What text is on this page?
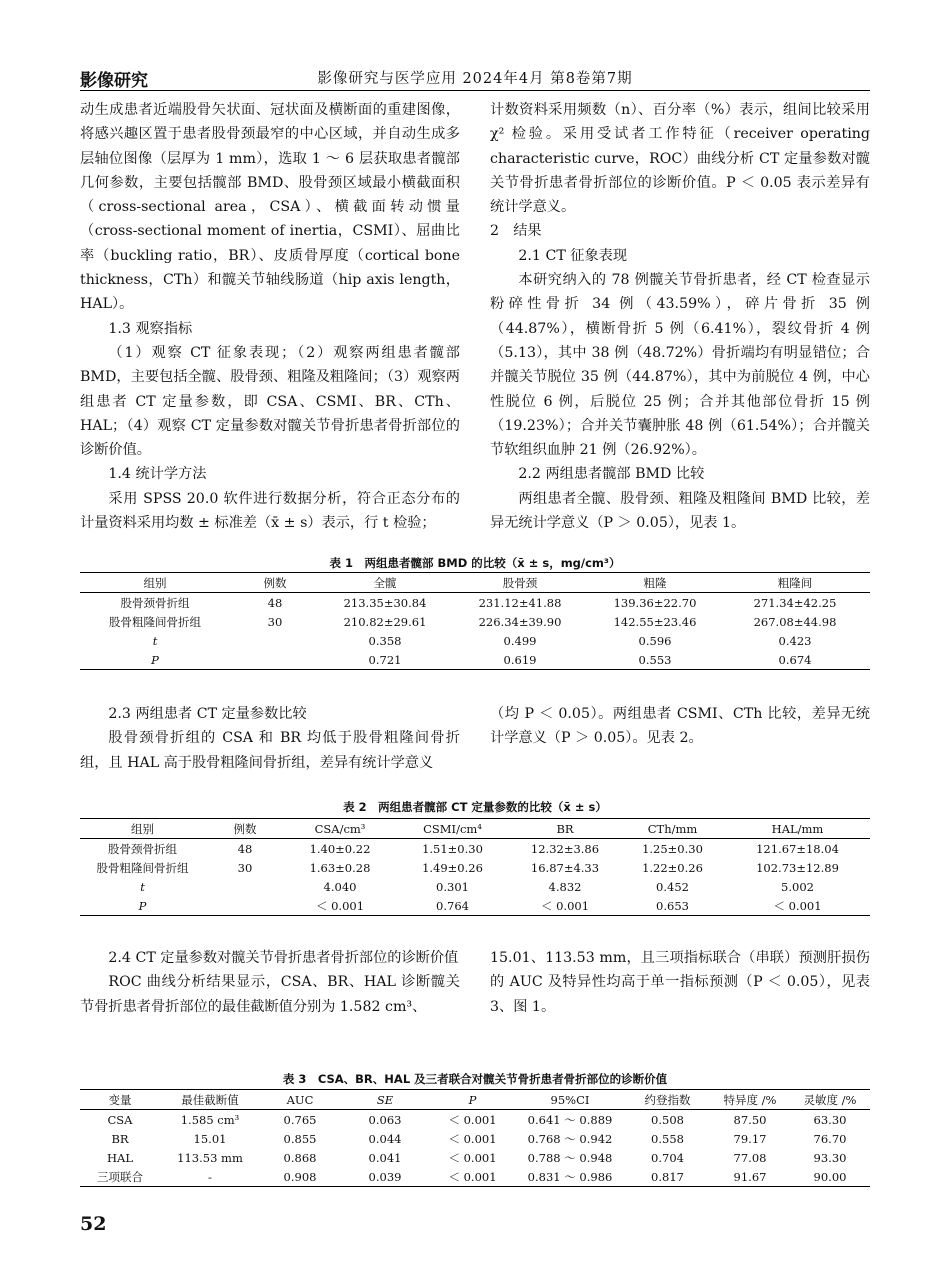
影像研究	影像研究与医学应用 2024年4月 第8卷第7期

动生成患者近端股骨矢状面、冠状面及横断面的重建图像，将感兴趣区置于患者股骨颈最窄的中心区域，并自动生成多层轴位图像（层厚为 1 mm），选取 1 ～ 6 层获取患者髋部几何参数，主要包括髋部 BMD、股骨颈区域最小横截面积（cross-sectional area，CSA）、横截面转动惯量（cross-sectional moment of inertia，CSMI）、屈曲比率（buckling ratio，BR）、皮质骨厚度（cortical bone thickness，CTh）和髋关节轴线肠道（hip axis length，HAL）。

1.3 观察指标

（1）观察 CT 征象表现；（2）观察两组患者髋部 BMD，主要包括全髋、股骨颈、粗隆及粗隆间；（3）观察两组患者 CT 定量参数，即 CSA、CSMI、BR、CTh、HAL；（4）观察 CT 定量参数对髋关节骨折患者骨折部位的诊断价值。

1.4 统计学方法

采用 SPSS 20.0 软件进行数据分析，符合正态分布的计量资料采用均数 ± 标准差（x̄ ± s）表示，行 t 检验；

计数资料采用频数（n）、百分率（%）表示，组间比较采用 χ² 检验。采用受试者工作特征（receiver operating characteristic curve，ROC）曲线分析 CT 定量参数对髋关节骨折患者骨折部位的诊断价值。P ＜ 0.05 表示差异有统计学意义。

2　结果

2.1 CT 征象表现

本研究纳入的 78 例髋关节骨折患者，经 CT 检查显示粉碎性骨折 34 例（43.59%），碎片骨折 35 例（44.87%），横断骨折 5 例（6.41%），裂纹骨折 4 例（5.13），其中 38 例（48.72%）骨折端均有明显错位；合并髋关节脱位 35 例（44.87%），其中为前脱位 4 例，中心性脱位 6 例，后脱位 25 例；合并其他部位骨折 15 例（19.23%）；合并关节囊肿胀 48 例（61.54%）；合并髋关节软组织血肿 21 例（26.92%）。

2.2 两组患者髋部 BMD 比较

两组患者全髋、股骨颈、粗隆及粗隆间 BMD 比较，差异无统计学意义（P ＞ 0.05），见表 1。

表 1　两组患者髋部 BMD 的比较（x̄ ± s，mg/cm³）
组别	例数	全髋	股骨颈	粗隆	粗隆间
股骨颈骨折组	48	213.35±30.84	231.12±41.88	139.36±22.70	271.34±42.25
股骨粗隆间骨折组	30	210.82±29.61	226.34±39.90	142.55±23.46	267.08±44.98
t		0.358	0.499	0.596	0.423
P		0.721	0.619	0.553	0.674

2.3 两组患者 CT 定量参数比较

股骨颈骨折组的 CSA 和 BR 均低于股骨粗隆间骨折组，且 HAL 高于股骨粗隆间骨折组，差异有统计学意义

（均 P ＜ 0.05）。两组患者 CSMI、CTh 比较，差异无统计学意义（P ＞ 0.05）。见表 2。

表 2　两组患者髋部 CT 定量参数的比较（x̄ ± s）
组别	例数	CSA/cm³	CSMI/cm⁴	BR	CTh/mm	HAL/mm
股骨颈骨折组	48	1.40±0.22	1.51±0.30	12.32±3.86	1.25±0.30	121.67±18.04
股骨粗隆间骨折组	30	1.63±0.28	1.49±0.26	16.87±4.33	1.22±0.26	102.73±12.89
t		4.040	0.301	4.832	0.452	5.002
P		＜ 0.001	0.764	＜ 0.001	0.653	＜ 0.001

2.4 CT 定量参数对髋关节骨折患者骨折部位的诊断价值

ROC 曲线分析结果显示，CSA、BR、HAL 诊断髋关节骨折患者骨折部位的最佳截断值分别为 1.582 cm³、

15.01、113.53 mm，且三项指标联合（串联）预测肝损伤的 AUC 及特异性均高于单一指标预测（P ＜ 0.05），见表 3、图 1。

表 3　CSA、BR、HAL 及三者联合对髋关节骨折患者骨折部位的诊断价值
变量	最佳截断值	AUC	SE	P	95%CI	约登指数	特异度 /%	灵敏度 /%
CSA	1.585 cm³	0.765	0.063	＜ 0.001	0.641 ～ 0.889	0.508	87.50	63.30
BR	15.01	0.855	0.044	＜ 0.001	0.768 ～ 0.942	0.558	79.17	76.70
HAL	113.53 mm	0.868	0.041	＜ 0.001	0.788 ～ 0.948	0.704	77.08	93.30
三项联合	-	0.908	0.039	＜ 0.001	0.831 ～ 0.986	0.817	91.67	90.00
52
